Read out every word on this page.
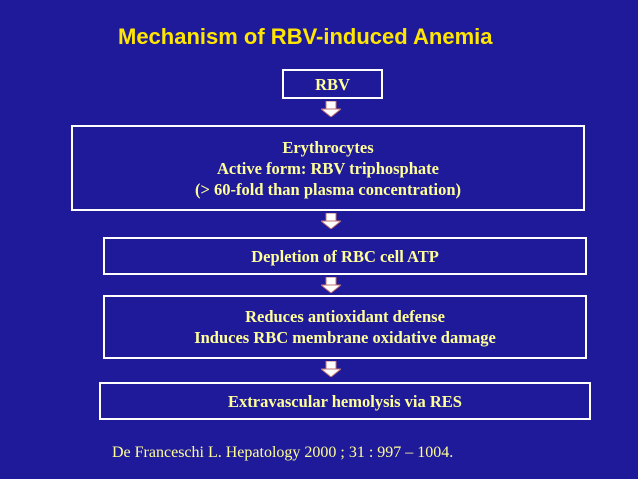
Mechanism of RBV-induced Anemia
RBV
Erythrocytes
Active form: RBV triphosphate
(> 60-fold than plasma concentration)
Depletion of RBC cell ATP
Reduces antioxidant defense
Induces RBC membrane oxidative damage
Extravascular hemolysis via RES
De Franceschi L. Hepatology 2000 ; 31 : 997 – 1004.
